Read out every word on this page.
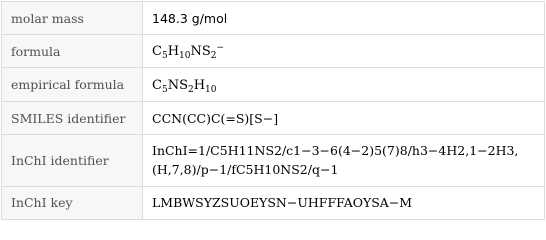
molar mass	148.3 g/mol
formula	$C_5H_{10}NS_2^-$
empirical formula	$C_5NS_2H_{10}$
SMILES identifier	CCN(CC)C(=S)[S−]
InChI identifier	InChI=1/C5H11NS2/c1−3−6(4−2)5(7)8/h3−4H2,1−2H3,(H,7,8)/p−1/fC5H10NS2/q−1
InChI key	LMBWSYZSUOEYSN−UHFFFAOYSA−M
